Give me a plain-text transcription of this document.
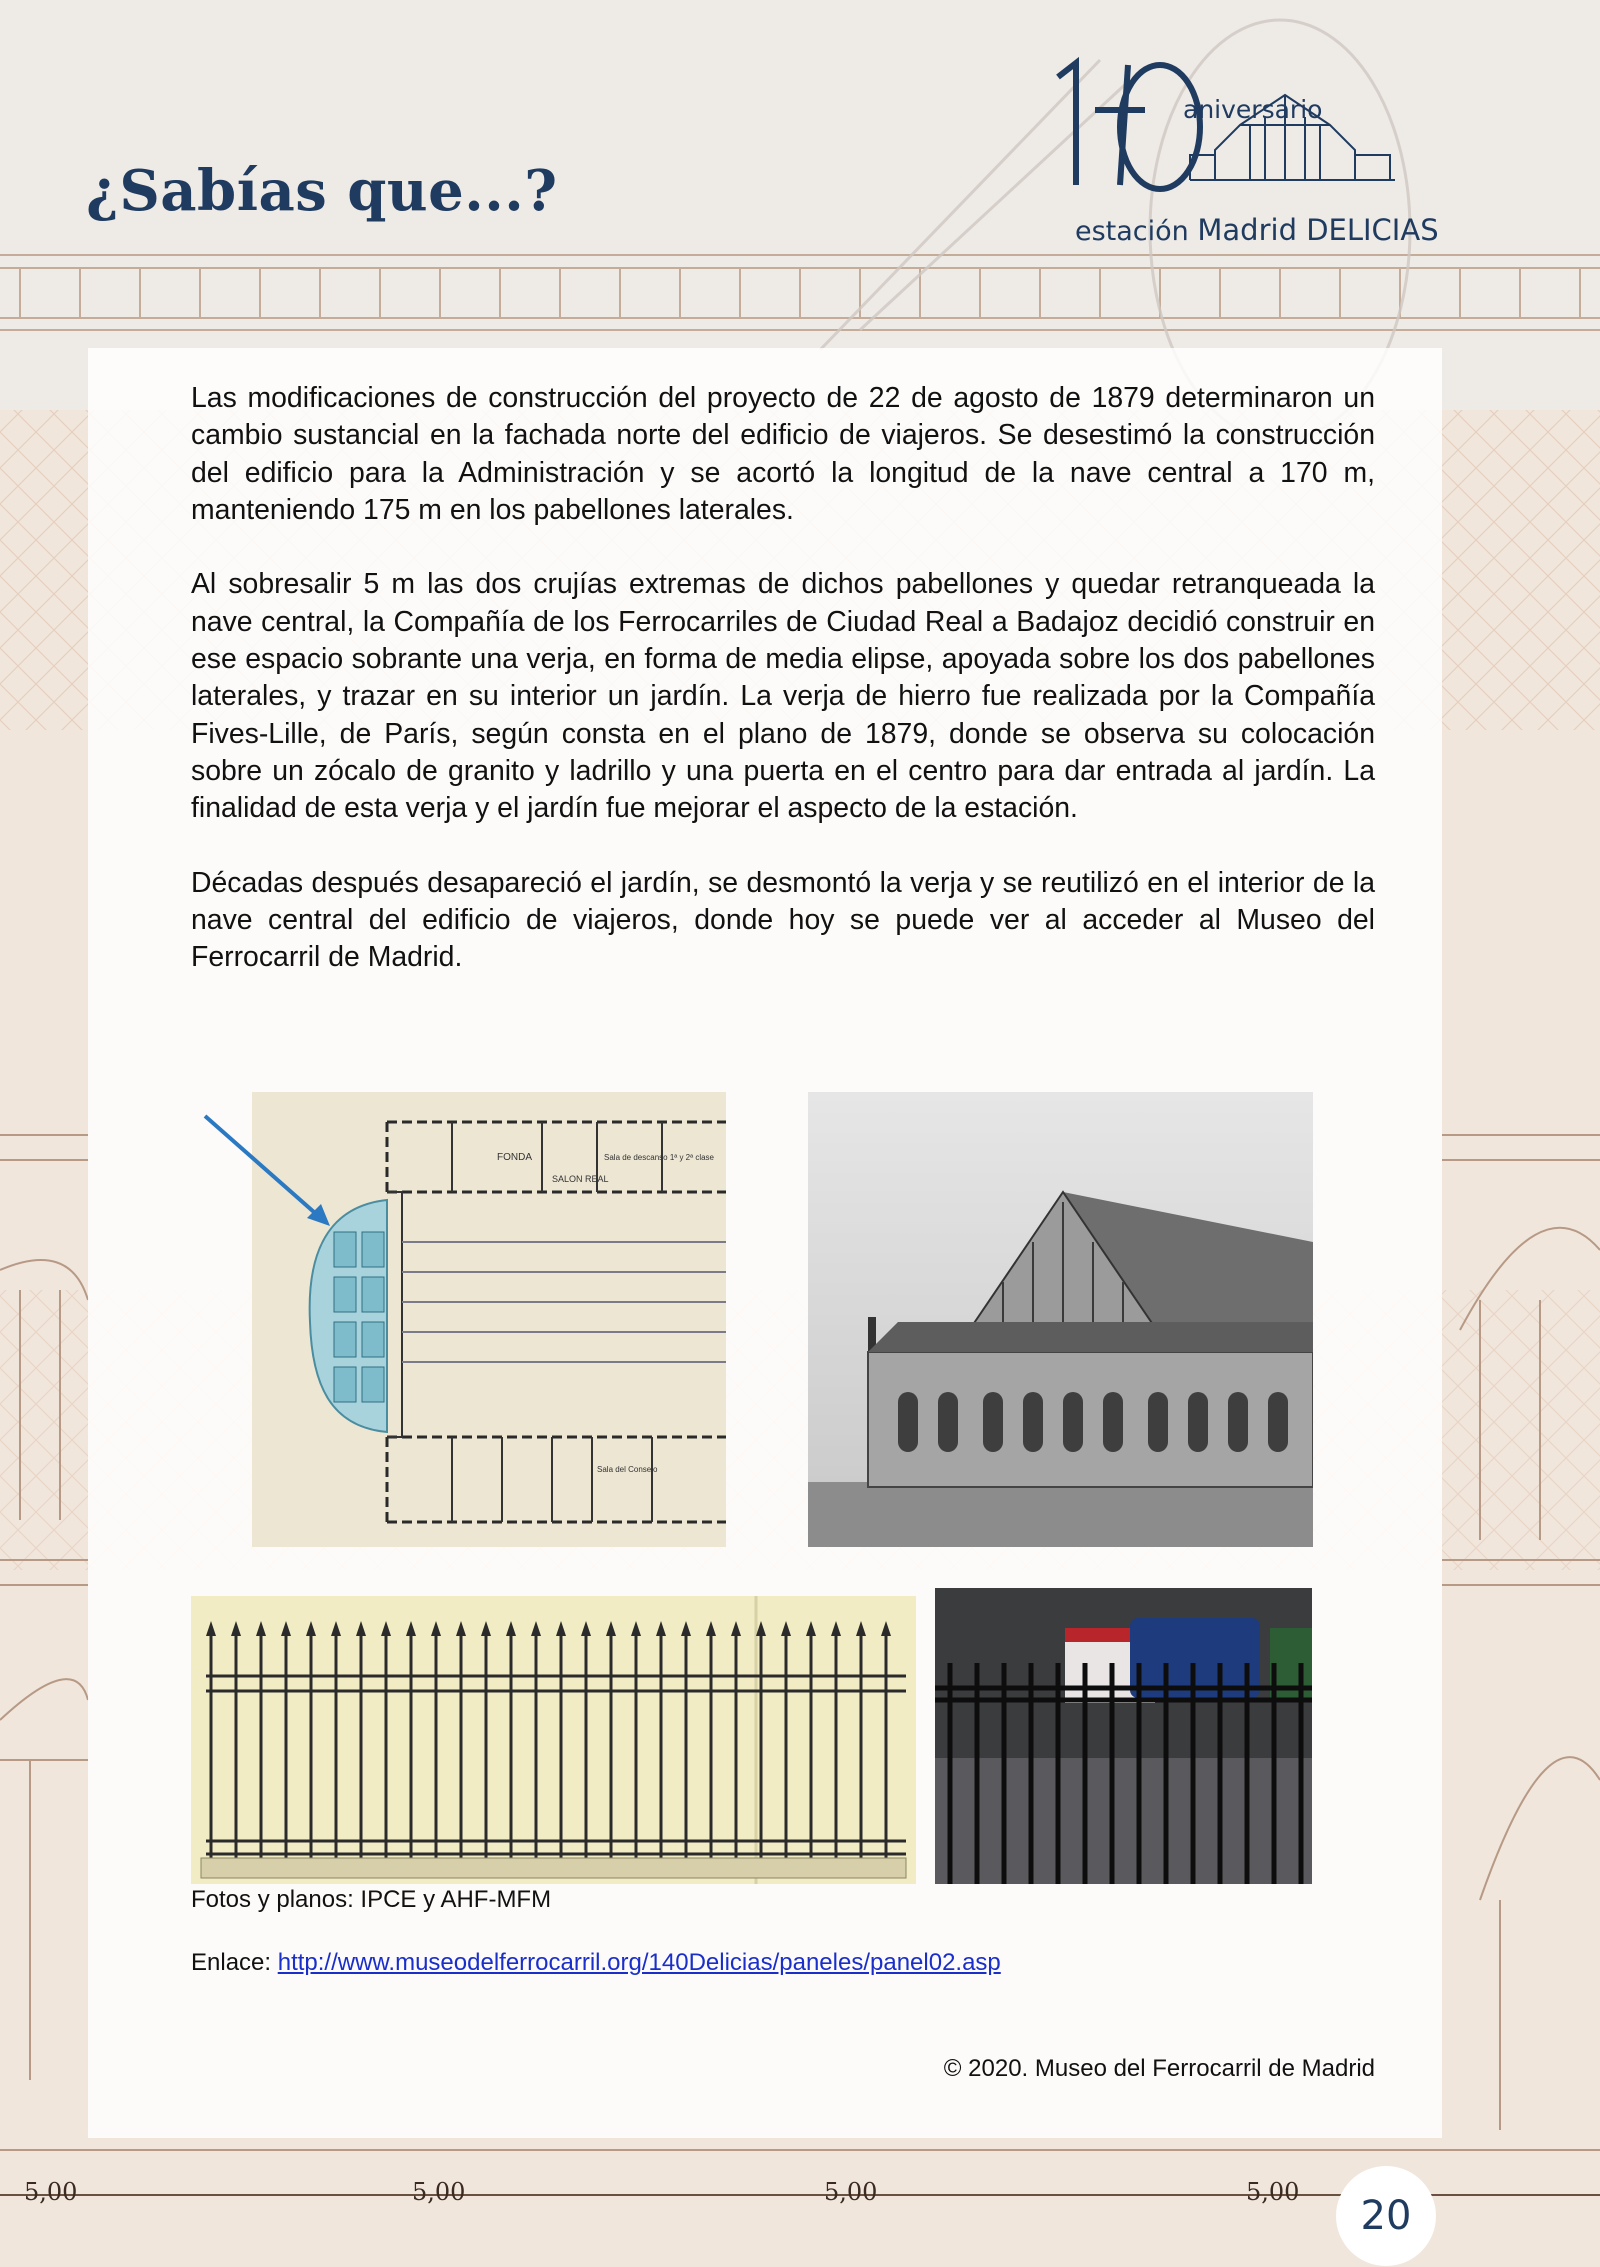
¿Sabías que...?
aniversario
estación Madrid DELICIAS

Las modificaciones de construcción del proyecto de 22 de agosto de 1879 determinaron un cambio sustancial en la fachada norte del edificio de viajeros. Se desestimó la construcción del edificio para la Administración y se acortó la longitud de la nave central a 170 m, manteniendo 175 m en los pabellones laterales.

Al sobresalir 5 m las dos crujías extremas de dichos pabellones y quedar retranqueada la nave central, la Compañía de los Ferrocarriles de Ciudad Real a Badajoz decidió construir en ese espacio sobrante una verja, en forma de media elipse, apoyada sobre los dos pabellones laterales, y trazar en su interior un jardín. La verja de hierro fue realizada por la Compañía Fives-Lille, de París, según consta en el plano de 1879, donde se observa su colocación sobre un zócalo de granito y ladrillo y una puerta en el centro para dar entrada al jardín. La finalidad de esta verja y el jardín fue mejorar el aspecto de la estación.

Décadas después desapareció el jardín, se desmontó la verja y se reutilizó en el interior de la nave central del edificio de viajeros, donde hoy se puede ver al acceder al Museo del Ferrocarril de Madrid.

FONDA
SALON REAL
Sala de descanso 1ª y 2ª clase
Sala del Consejo
Fotos y planos: IPCE y AHF-MFM
Enlace: http://www.museodelferrocarril.org/140Delicias/paneles/panel02.asp
© 2020. Museo del Ferrocarril de Madrid
5,00	5,00	5,00	5,00
20
